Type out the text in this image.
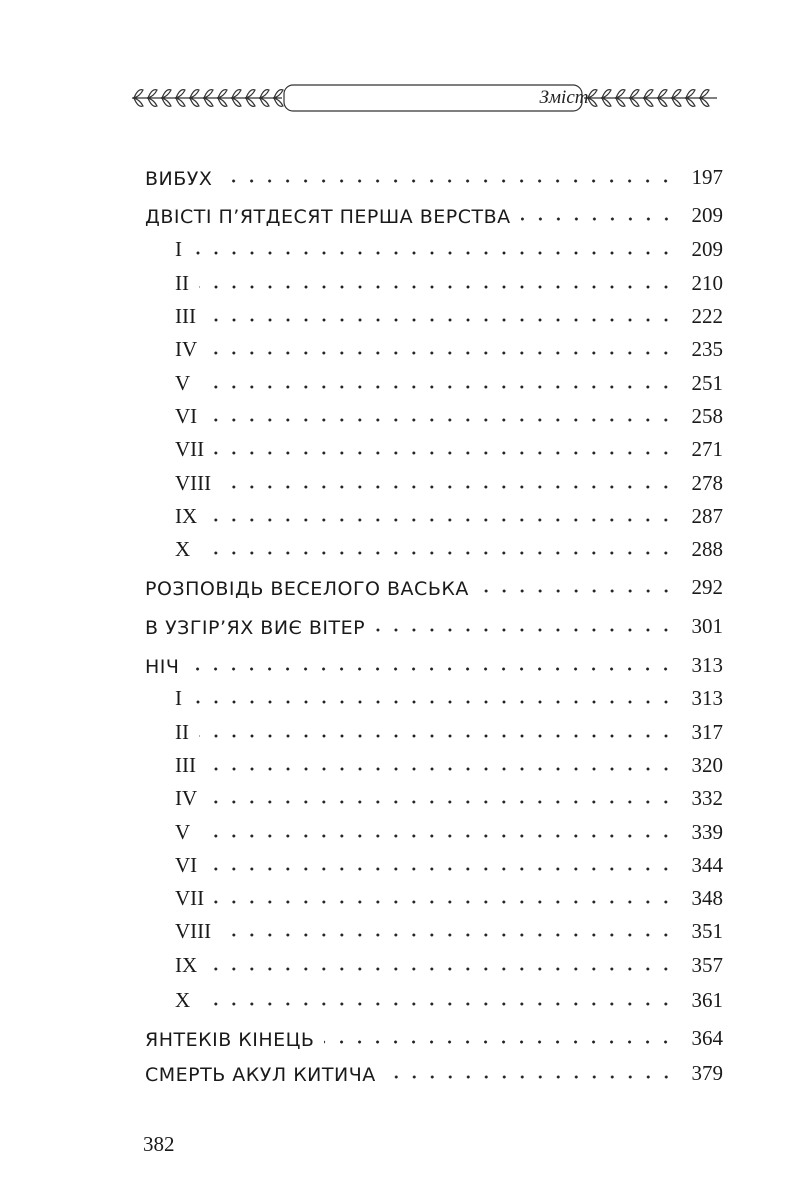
Зміст
ВИБУХ	197
ДВІСТІ П’ЯТДЕСЯТ ПЕРША ВЕРСТВА	209
I	209
II	210
III	222
IV	235
V	251
VI	258
VII	271
VIII	278
IX	287
X	288
РОЗПОВІДЬ ВЕСЕЛОГО ВАСЬКА	292
В УЗГІР’ЯХ ВИЄ ВІТЕР	301
НІЧ	313
I	313
II	317
III	320
IV	332
V	339
VI	344
VII	348
VIII	351
IX	357
X	361
ЯНТЕКІВ КІНЕЦЬ	364
СМЕРТЬ АКУЛ КИТИЧА	379
382
